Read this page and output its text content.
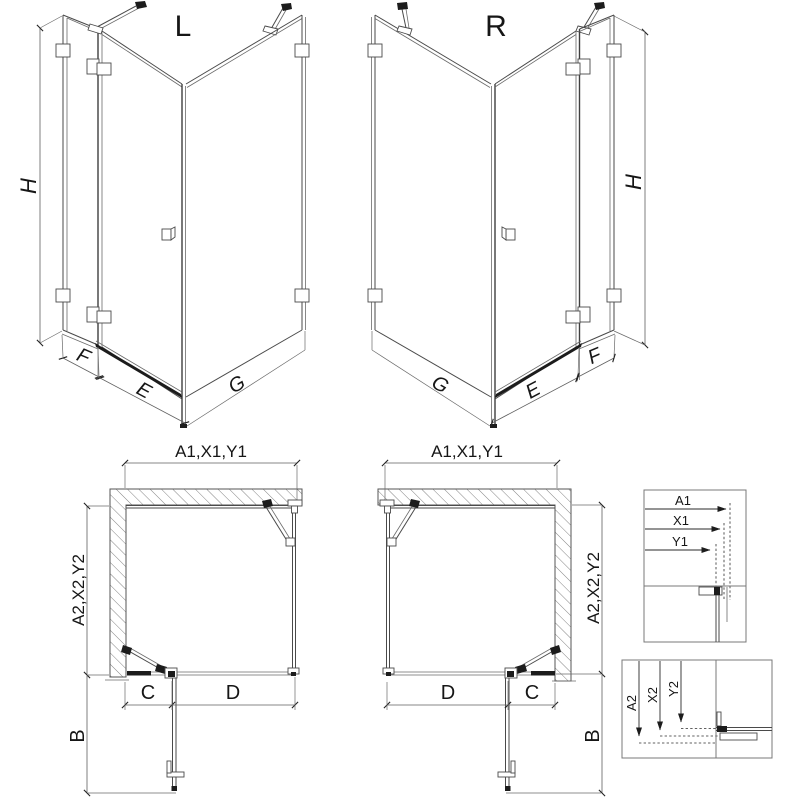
L
H
F
E	G
R
H
F
E
G
A1,X1,Y1
A2,X2,Y2
C	D
B
A1,X1,Y1
A2,X2,Y2
D	C
B
A1
X1
Y1
A2
X2 Y2
